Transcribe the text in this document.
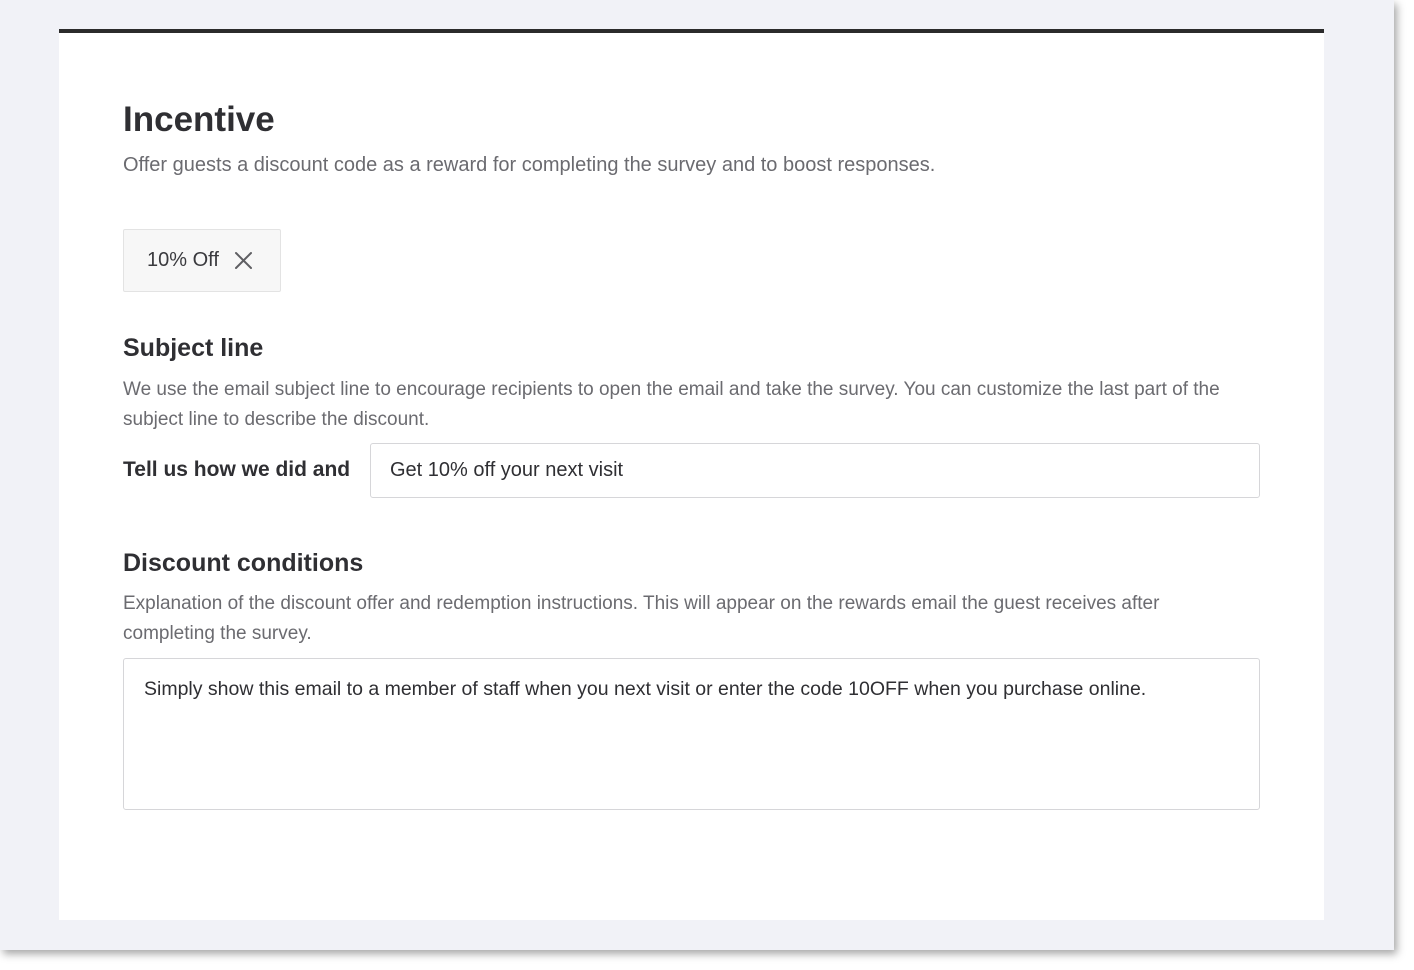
Incentive

Offer guests a discount code as a reward for completing the survey and to boost responses.

10% Off
Subject line

We use the email subject line to encourage recipients to open the email and take the survey. You can customize the last part of the subject line to describe the discount.

Tell us how we did and
Get 10% off your next visit
Discount conditions

Explanation of the discount offer and redemption instructions. This will appear on the rewards email the guest receives after completing the survey.

Simply show this email to a member of staff when you next visit or enter the code 10OFF when you purchase online.
